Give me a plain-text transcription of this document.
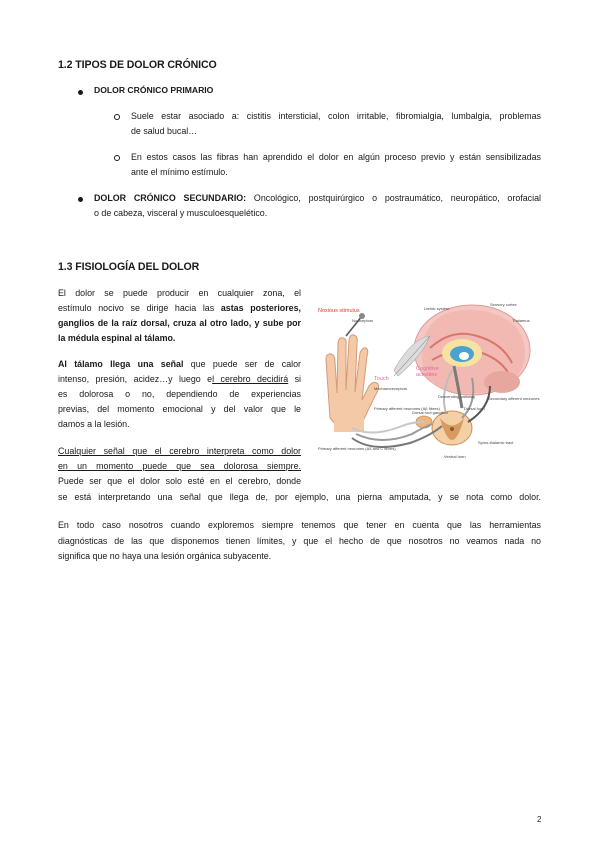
1.2 TIPOS DE DOLOR CRÓNICO
DOLOR CRÓNICO PRIMARIO
Suele estar asociado a: cistitis intersticial, colon irritable, fibromialgia, lumbalgia, problemas
de salud bucal…
En estos casos las fibras han aprendido el dolor en algún proceso previo y están sensibilizadas
ante el mínimo estímulo.
DOLOR CRÓNICO SECUNDARIO: Oncológico, postquirúrgico o postraumático, neuropático, orofacial
o de cabeza, visceral y musculoesquelético.
1.3 FISIOLOGÍA DEL DOLOR
El dolor se puede producir en cualquier zona, el
estímulo nocivo se dirige hacia las astas posteriores,
ganglios de la raíz dorsal, cruza al otro lado, y sube por
la médula espinal al tálamo.
Al tálamo llega una señal que puede ser de calor
intenso, presión, acidez…y luego el cerebro decidirá si
es dolorosa o no, dependiendo de experiencias
previas, del momento emocional y del valor que le
damos a la lesión.
Cualquier señal que el cerebro interpreta como dolor
en un momento puede que sea dolorosa siempre.
Puede ser que el dolor solo esté en el cerebro, donde
se está interpretando una señal que llega de, por ejemplo, una pierna amputada, y se nota como dolor.
En todo caso nosotros cuando exploremos siempre tenemos que tener en cuenta que las herramientas
diagnósticas de las que disponemos tienen límites, y que el hecho de que nosotros no veamos nada no
significa que no haya una lesión orgánica subyacente.
Noxious stimulus
Nociceptors
Limbic system
Sensory cortex
Thalamus
Cognitive
activities
Touch
Mechanoreceptors
Descending pathway	Secondary afferent neurones
Primary afferent neurones (Aβ fibres)	Dorsal horn
Dorsal root ganglion
Primary afferent neurones (Aδ and C fibres)
Spino-thalamic tract
Ventral horn
2
